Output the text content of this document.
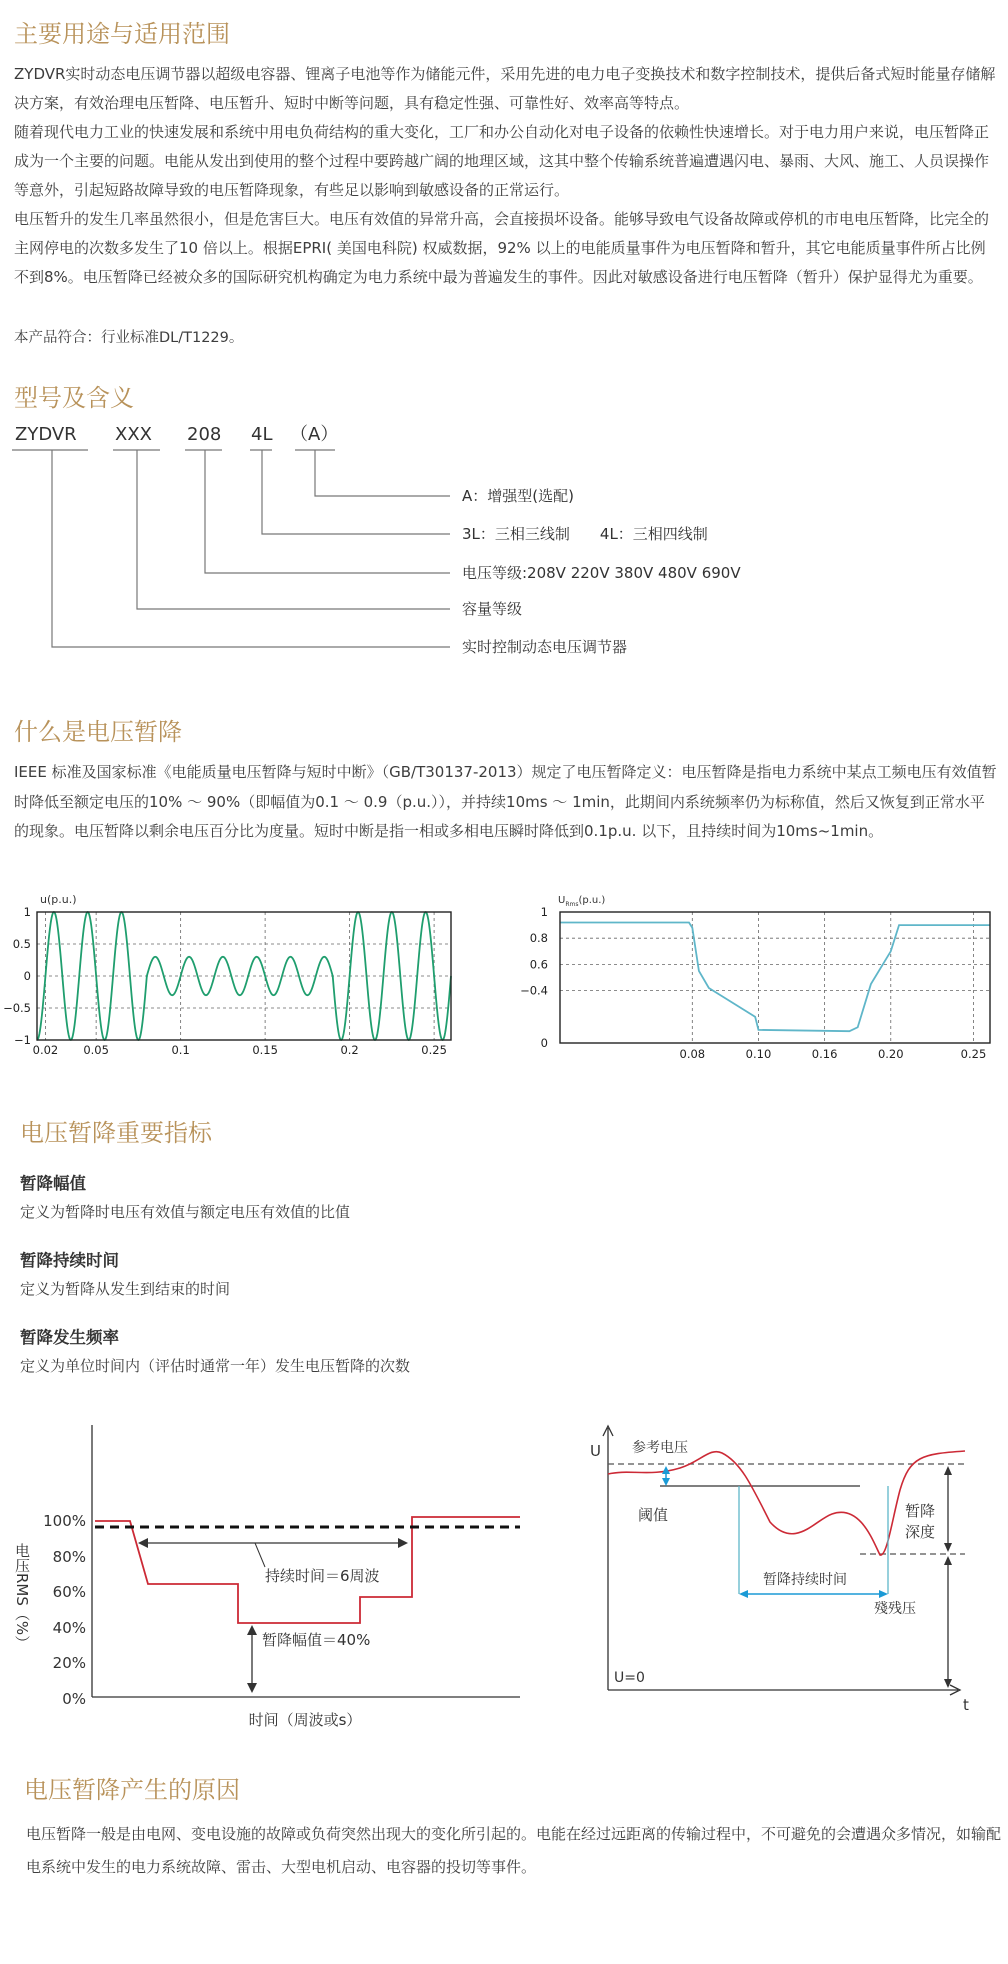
主要用途与适用范围

ZYDVR实时动态电压调节器以超级电容器、锂离子电池等作为储能元件，采用先进的电力电子变换技术和数字控制技术，提供后备式短时能量存储解决方案，有效治理电压暂降、电压暂升、短时中断等问题，具有稳定性强、可靠性好、效率高等特点。

随着现代电力工业的快速发展和系统中用电负荷结构的重大变化，工厂和办公自动化对电子设备的依赖性快速增长。对于电力用户来说，电压暂降正成为一个主要的问题。电能从发出到使用的整个过程中要跨越广阔的地理区域，这其中整个传输系统普遍遭遇闪电、暴雨、大风、施工、人员误操作等意外，引起短路故障导致的电压暂降现象，有些足以影响到敏感设备的正常运行。

电压暂升的发生几率虽然很小，但是危害巨大。电压有效值的异常升高，会直接损坏设备。能够导致电气设备故障或停机的市电电压暂降，比完全的主网停电的次数多发生了10 倍以上。根据EPRI( 美国电科院) 权威数据，92% 以上的电能质量事件为电压暂降和暂升，其它电能质量事件所占比例不到8%。电压暂降已经被众多的国际研究机构确定为电力系统中最为普遍发生的事件。因此对敏感设备进行电压暂降（暂升）保护显得尤为重要。

本产品符合：行业标准DL/T1229。
型号及含义
ZYDVR XXX 208 4L （A）
A：增强型(选配)
3L：三相三线制　　4L：三相四线制
电压等级:208V 220V 380V 480V 690V
容量等级
实时控制动态电压调节器
什么是电压暂降
IEEE 标准及国家标准《电能质量电压暂降与短时中断》（GB/T30137-2013）规定了电压暂降定义：电压暂降是指电力系统中某点工频电压有效值暂时降低至额定电压的10% ～ 90%（即幅值为0.1 ～ 0.9（p.u.）），并持续10ms ～ 1min，此期间内系统频率仍为标称值，然后又恢复到正常水平的现象。电压暂降以剩余电压百分比为度量。短时中断是指一相或多相电压瞬时降低到0.1p.u. 以下，且持续时间为10ms~1min。
u(p.u.)
0.02 0.05	0.1	0.15	0.2	0.25
1
0.5
0
−0.5
−1
$U_{Rms}(p.u.)$
0.08	0.10	0.16	0.20	0.25
1
0.8
0.6
−0.4
0
电压暂降重要指标
暂降幅值
定义为暂降时电压有效值与额定电压有效值的比值
暂降持续时间
定义为暂降从发生到结束的时间
暂降发生频率
定义为单位时间内（评估时通常一年）发生电压暂降的次数
100%
80%
60%
40%
20%
0%
电压RMS（%）	持续时间＝6周波
暂降幅值＝40%
时间（周波或s）
U
t
参考电压
阈值
暂降持续时间
殘残压
暂降
深度
U=0
电压暂降产生的原因
电压暂降一般是由电网、变电设施的故障或负荷突然出现大的变化所引起的。电能在经过远距离的传输过程中，不可避免的会遭遇众多情况，如输配电系统中发生的电力系统故障、雷击、大型电机启动、电容器的投切等事件。
